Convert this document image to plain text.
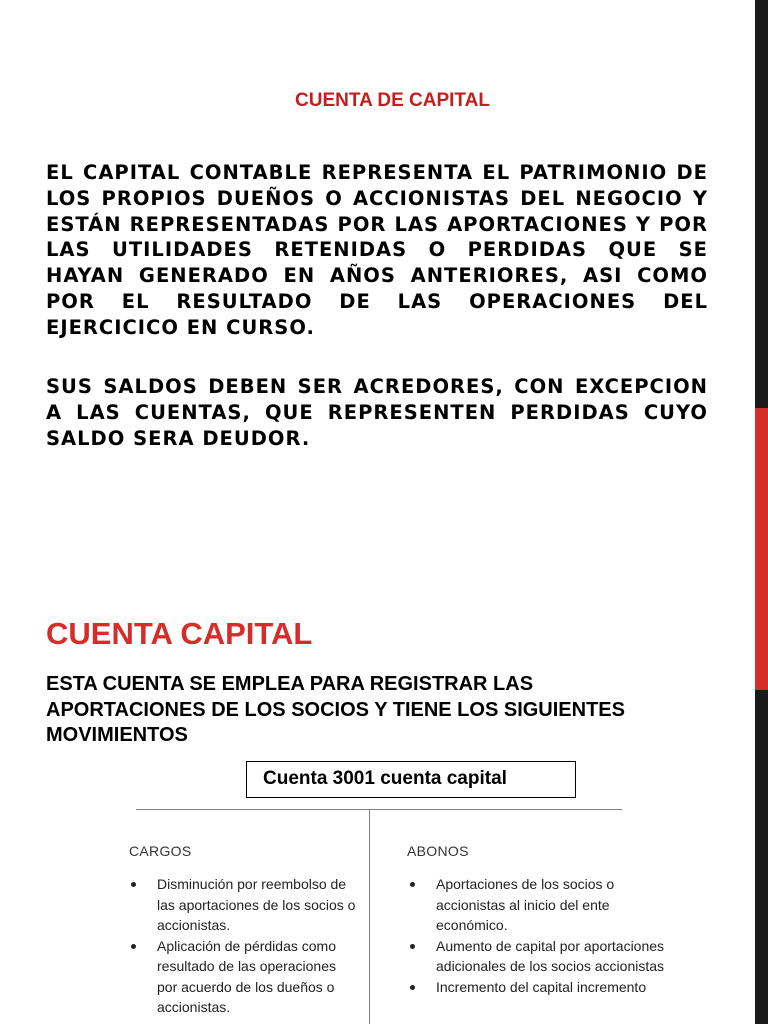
CUENTA DE CAPITAL

EL CAPITAL CONTABLE REPRESENTA EL PATRIMONIO DE LOS PROPIOS DUEÑOS O ACCIONISTAS DEL NEGOCIO Y ESTÁN REPRESENTADAS POR LAS APORTACIONES Y POR LAS UTILIDADES RETENIDAS O PERDIDAS QUE SE HAYAN GENERADO EN AÑOS ANTERIORES, ASI COMO POR EL RESULTADO DE LAS OPERACIONES DEL EJERCICICO EN CURSO.

SUS SALDOS DEBEN SER ACREDORES, CON EXCEPCION A LAS CUENTAS, QUE REPRESENTEN PERDIDAS CUYO SALDO SERA DEUDOR.

CUENTA CAPITAL

ESTA CUENTA SE EMPLEA PARA REGISTRAR LAS APORTACIONES DE LOS SOCIOS Y TIENE LOS SIGUIENTES MOVIMIENTOS

Cuenta 3001 cuenta capital
CARGOS	ABONOS
Disminución por reembolso de las aportaciones de los socios o accionistas.
Aplicación de pérdidas como resultado de las operaciones por acuerdo de los dueños o accionistas.
Aportaciones de los socios o accionistas al inicio del ente económico.
Aumento de capital por aportaciones adicionales de los socios accionistas
Incremento del capital incremento
